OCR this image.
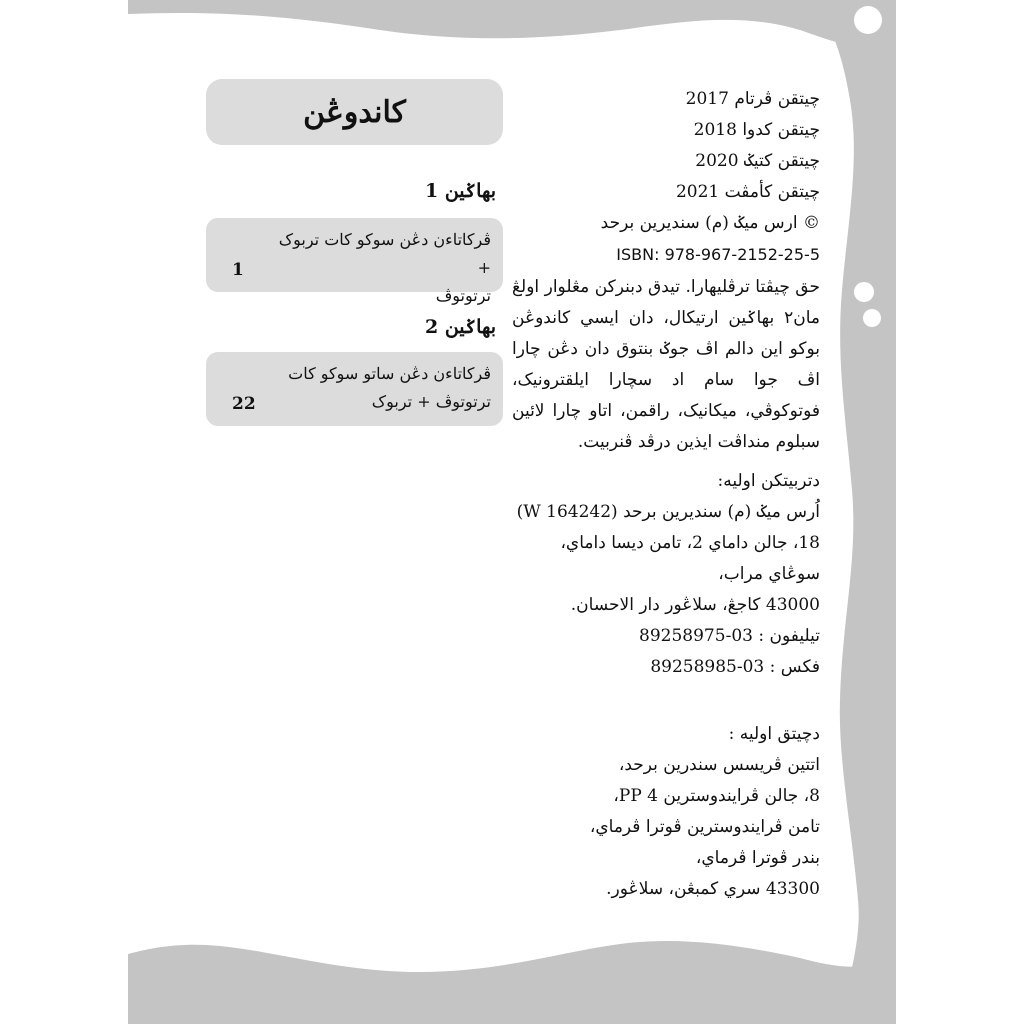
چيتقن ڤرتام 2017

چيتقن كدوا 2018

چيتقن كتيݢ 2020

چيتقن كأمڤت 2021

© ارس ميݢ (م) سنديرين برحد

ISBN: 978-967-2152-25-5

حق چيڤتا ترڤليهارا. تيدق دبنركن مڠلوار اولڠ مان٢ بهاݢين ارتيكال، دان ايسي كاندوڠن بوكو اين دالم اڤ جوݢ بنتوق دان دڠن چارا اڤ جوا سام اد سچارا ايلقترونيک، فوتوكوڤي، ميكانيک، راقمن، اتاو چارا لائين سبلوم منداڤت ايذين درڤد ڤنربيت.

دتربيتكن اوليه:

اُرس ميݢ (م) سنديرين برحد (W 164242)

18، جالن داماي 2، تامن ديسا داماي، سوڠاي مراب،

43000 كاجڠ، سلاڠور دار الاحسان.

تيليفون : 03-89258975

فكس : 03-89258985

دچيتق اوليه :

اتتين ڤريسس سندرين برحد،

8، جالن ڤرايندوسترين PP 4،

تامن ڤرايندوسترين ڤوترا ڤرماي،

بندر ڤوترا ڤرماي،

43300 سري كمبڠن، سلاڠور.

كاندوڠن
بهاݢين 1
ڤركاتاءن دڠن سوكو كات تربوک +
ترتوتوڤ
1
بهاݢين 2
ڤركاتاءن دڠن ساتو سوكو كات
ترتوتوڤ + تربوک
22
